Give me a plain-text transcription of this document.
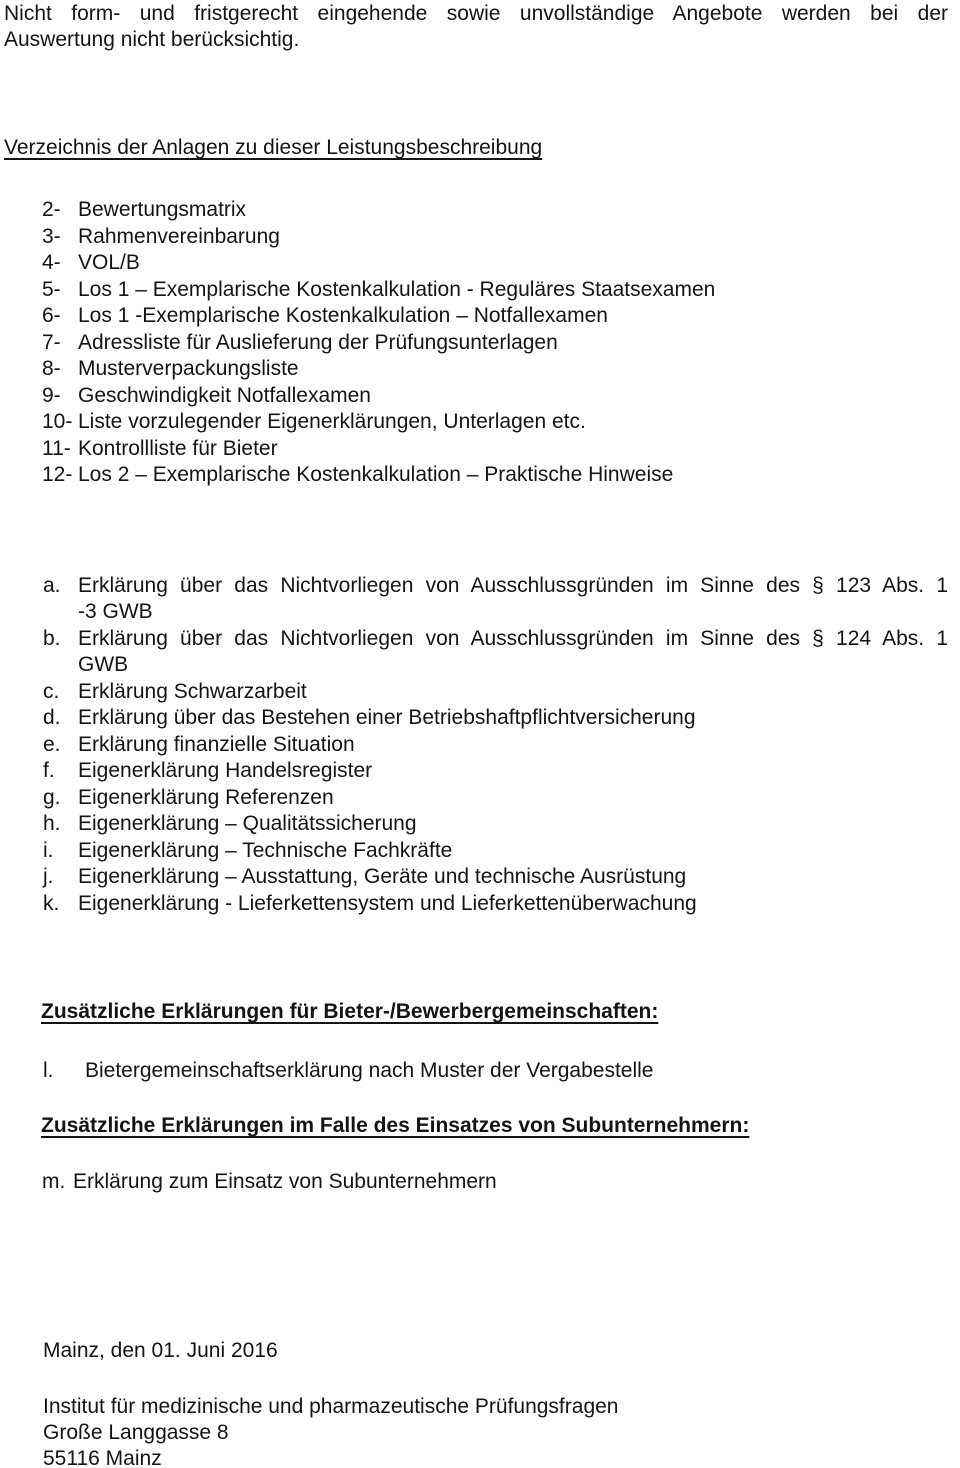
Nicht form- und fristgerecht eingehende sowie unvollständige Angebote werden bei der
Auswertung nicht berücksichtig.
Verzeichnis der Anlagen zu dieser Leistungsbeschreibung
2- Bewertungsmatrix
3- Rahmenvereinbarung
4- VOL/B
5- Los 1 – Exemplarische Kostenkalkulation - Reguläres Staatsexamen
6- Los 1 -Exemplarische Kostenkalkulation – Notfallexamen
7- Adressliste für Auslieferung der Prüfungsunterlagen
8- Musterverpackungsliste
9- Geschwindigkeit Notfallexamen
10- Liste vorzulegender Eigenerklärungen, Unterlagen etc.
11- Kontrollliste für Bieter
12- Los 2 – Exemplarische Kostenkalkulation – Praktische Hinweise
a. Erklärung über das Nichtvorliegen von Ausschlussgründen im Sinne des § 123 Abs. 1
-3 GWB
b. Erklärung über das Nichtvorliegen von Ausschlussgründen im Sinne des § 124 Abs. 1
GWB
c. Erklärung Schwarzarbeit
d. Erklärung über das Bestehen einer Betriebshaftpflichtversicherung
e. Erklärung finanzielle Situation
f.	Eigenerklärung Handelsregister
g. Eigenerklärung Referenzen
h. Eigenerklärung – Qualitätssicherung
i.	Eigenerklärung – Technische Fachkräfte
j.	Eigenerklärung – Ausstattung, Geräte und technische Ausrüstung
k. Eigenerklärung - Lieferkettensystem und Lieferkettenüberwachung
Zusätzliche Erklärungen für Bieter-/Bewerbergemeinschaften:
l.	Bietergemeinschaftserklärung nach Muster der Vergabestelle
Zusätzliche Erklärungen im Falle des Einsatzes von Subunternehmern:
m. Erklärung zum Einsatz von Subunternehmern
Mainz, den 01. Juni 2016
Institut für medizinische und pharmazeutische Prüfungsfragen
Große Langgasse 8
55116 Mainz
